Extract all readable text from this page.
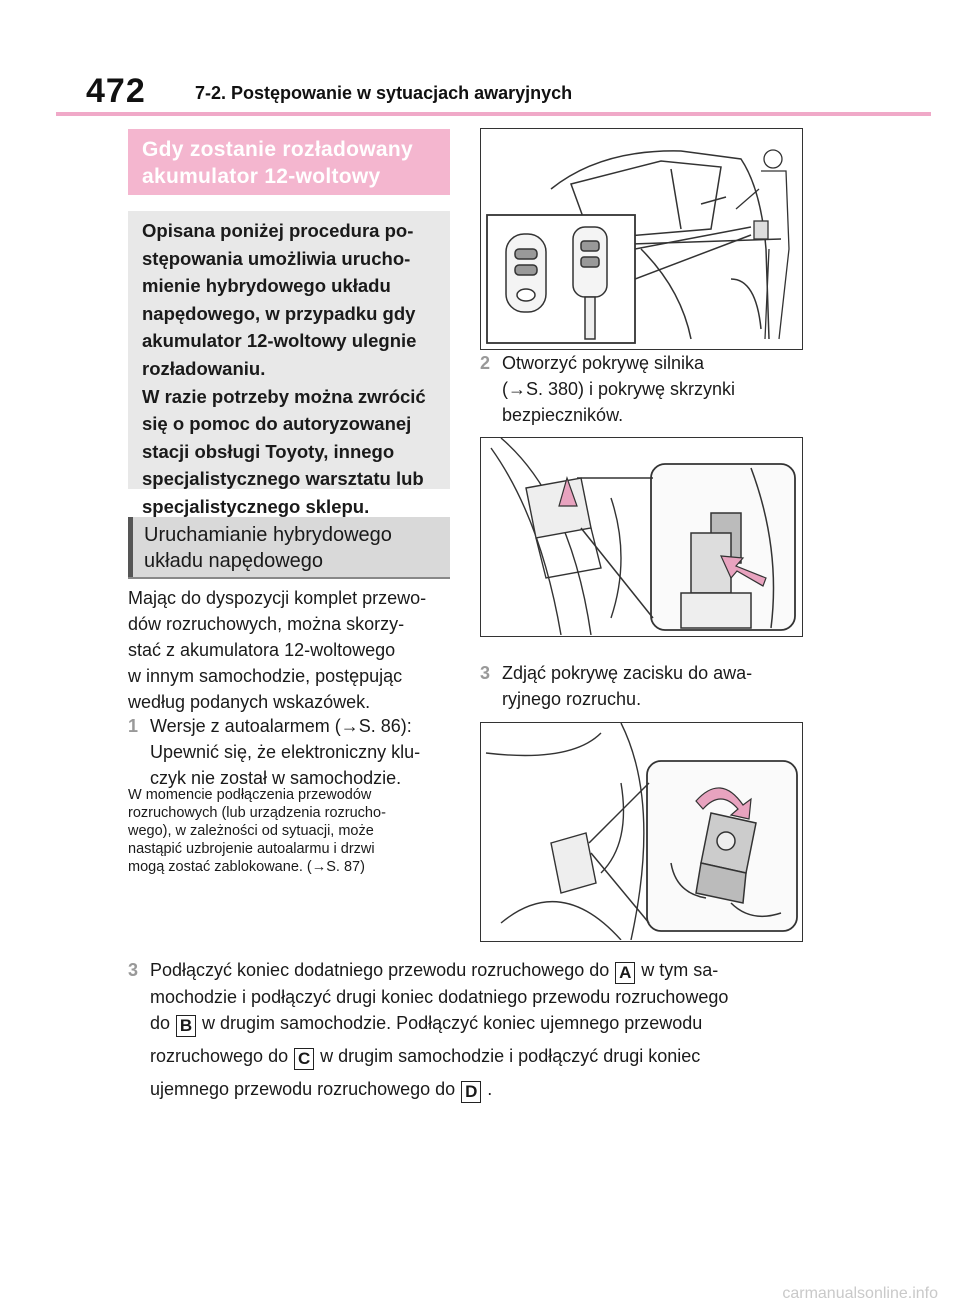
472	7-2. Postępowanie w sytuacjach awaryjnych
Gdy zostanie rozładowany
akumulator 12-woltowy

Opisana poniżej procedura po-

stępowania umożliwia urucho-

mienie hybrydowego układu

napędowego, w przypadku gdy

akumulator 12-woltowy ulegnie

rozładowaniu.

W razie potrzeby można zwrócić

się o pomoc do autoryzowanej

stacji obsługi Toyoty, innego

specjalistycznego warsztatu lub

specjalistycznego sklepu.

Uruchamianie hybrydowego
układu napędowego
Mając do dyspozycji komplet przewo-
dów rozruchowych, można skorzy-
stać z akumulatora 12-woltowego
w innym samochodzie, postępując
według podanych wskazówek.
1 Wersje z autoalarmem (→S. 86):
Upewnić się, że elektroniczny klu-
czyk nie został w samochodzie.
W momencie podłączenia przewodów
rozruchowych (lub urządzenia rozrucho-
wego), w zależności od sytuacji, może
nastąpić uzbrojenie autoalarmu i drzwi
mogą zostać zablokowane. (→S. 87)
2 Otworzyć pokrywę silnika
(→S. 380) i pokrywę skrzynki
bezpieczników.
3 Zdjąć pokrywę zacisku do awa-
ryjnego rozruchu.
3 Podłączyć koniec dodatniego przewodu rozruchowego do A w tym sa-
mochodzie i podłączyć drugi koniec dodatniego przewodu rozruchowego
do B w drugim samochodzie. Podłączyć koniec ujemnego przewodu
rozruchowego do C w drugim samochodzie i podłączyć drugi koniec
ujemnego przewodu rozruchowego do D .
carmanualsonline.info
